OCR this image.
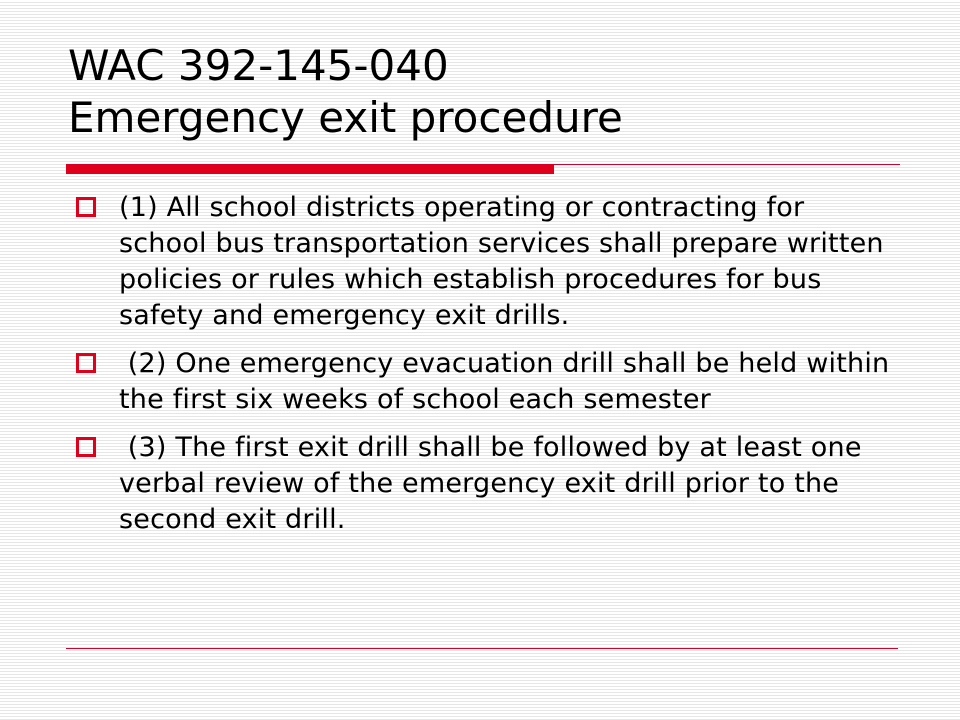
WAC 392-145-040
Emergency exit procedure
(1) All school districts operating or contracting for school bus transportation services shall prepare written policies or rules which establish procedures for bus safety and emergency exit drills.
(2) One emergency evacuation drill shall be held within the first six weeks of school each semester
(3) The first exit drill shall be followed by at least one verbal review of the emergency exit drill prior to the second exit drill.
